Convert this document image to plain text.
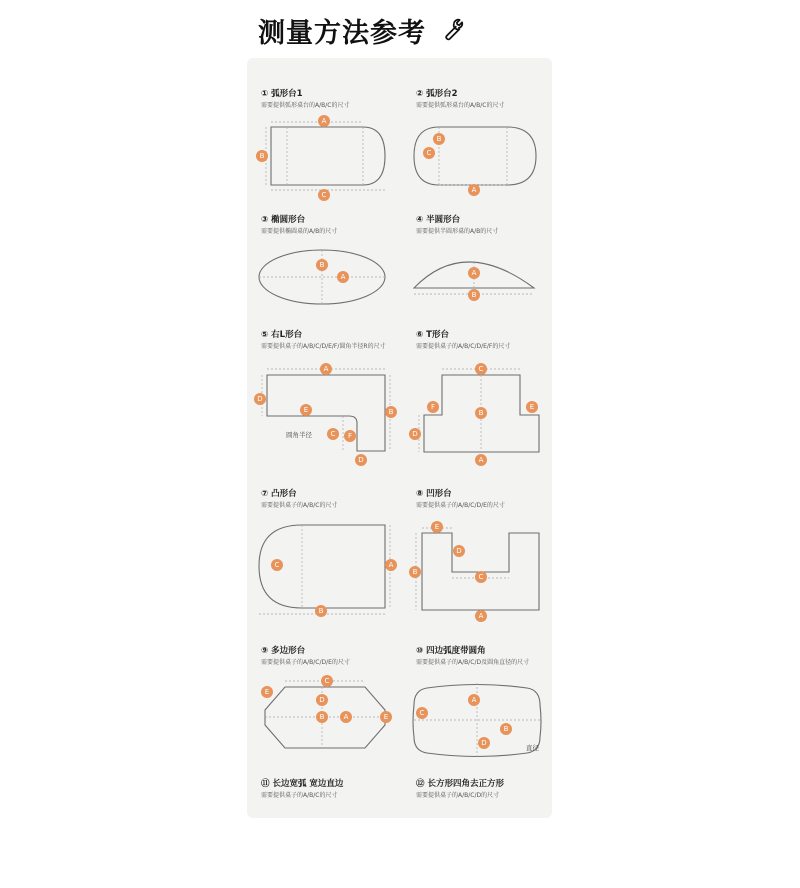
测量方法参考
① 弧形台1
需要提供弧形桌台的A/B/C的尺寸
A
B
C
② 弧形台2
需要提供弧形桌台的A/B/C的尺寸
A
B
C
③ 椭圆形台
需要提供椭圆桌的A/B的尺寸
B
A
④ 半圆形台
需要提供半圆形桌的A/B的尺寸
A
B
⑤ 右L形台
需要提供桌子的A/B/C/D/E/F/圆角半径R的尺寸
A
B
C
D
E
F
D
圆角半径
⑥ T形台
需要提供桌子的A/B/C/D/E/F的尺寸
C
B
F	E
D
A
⑦ 凸形台
需要提供桌子的A/B/C的尺寸
C	A
B
⑧ 凹形台
需要提供桌子的A/B/C/D/E的尺寸
E
D
C
B
A
⑨ 多边形台
需要提供桌子的A/B/C/D/E的尺寸
C
E
D
B	A	E
⑩ 四边弧度带圆角
需要提供桌子的A/B/C/D及圆角直径的尺寸
A
C
B
D
直径
⑪ 长边宽弧 宽边直边
需要提供桌子的A/B/C的尺寸
⑫ 长方形四角去正方形
需要提供桌子的A/B/C/D的尺寸
